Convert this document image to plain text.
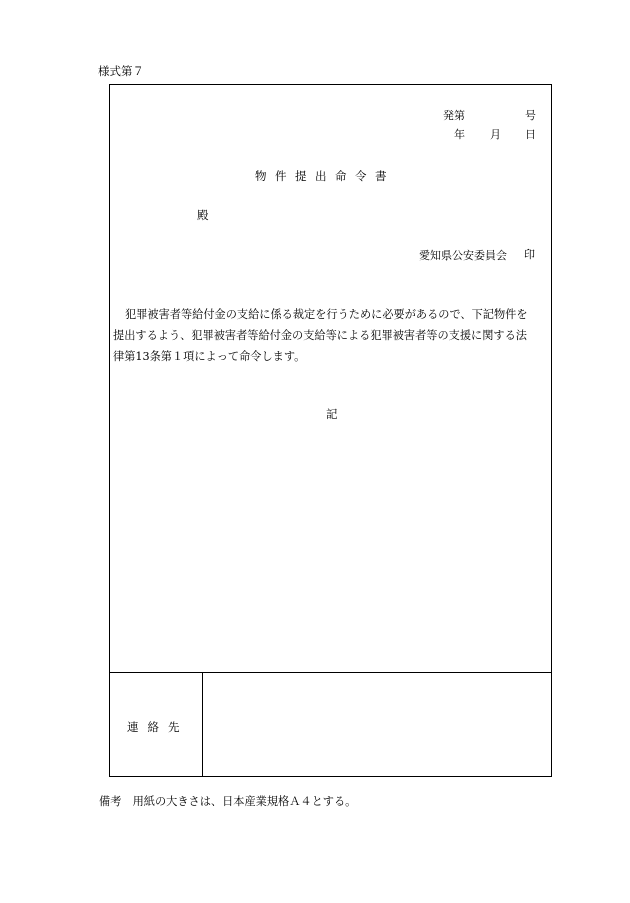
様式第７
発第	号
年 月 日
物件提出命令書
殿
愛知県公安委員会 印
犯罪被害者等給付金の支給に係る裁定を行うために必要があるので、下記物件を
提出するよう、犯罪被害者等給付金の支給等による犯罪被害者等の支援に関する法
律第13条第１項によって命令します。
記
連絡先
備考　用紙の大きさは、日本産業規格Ａ４とする。
